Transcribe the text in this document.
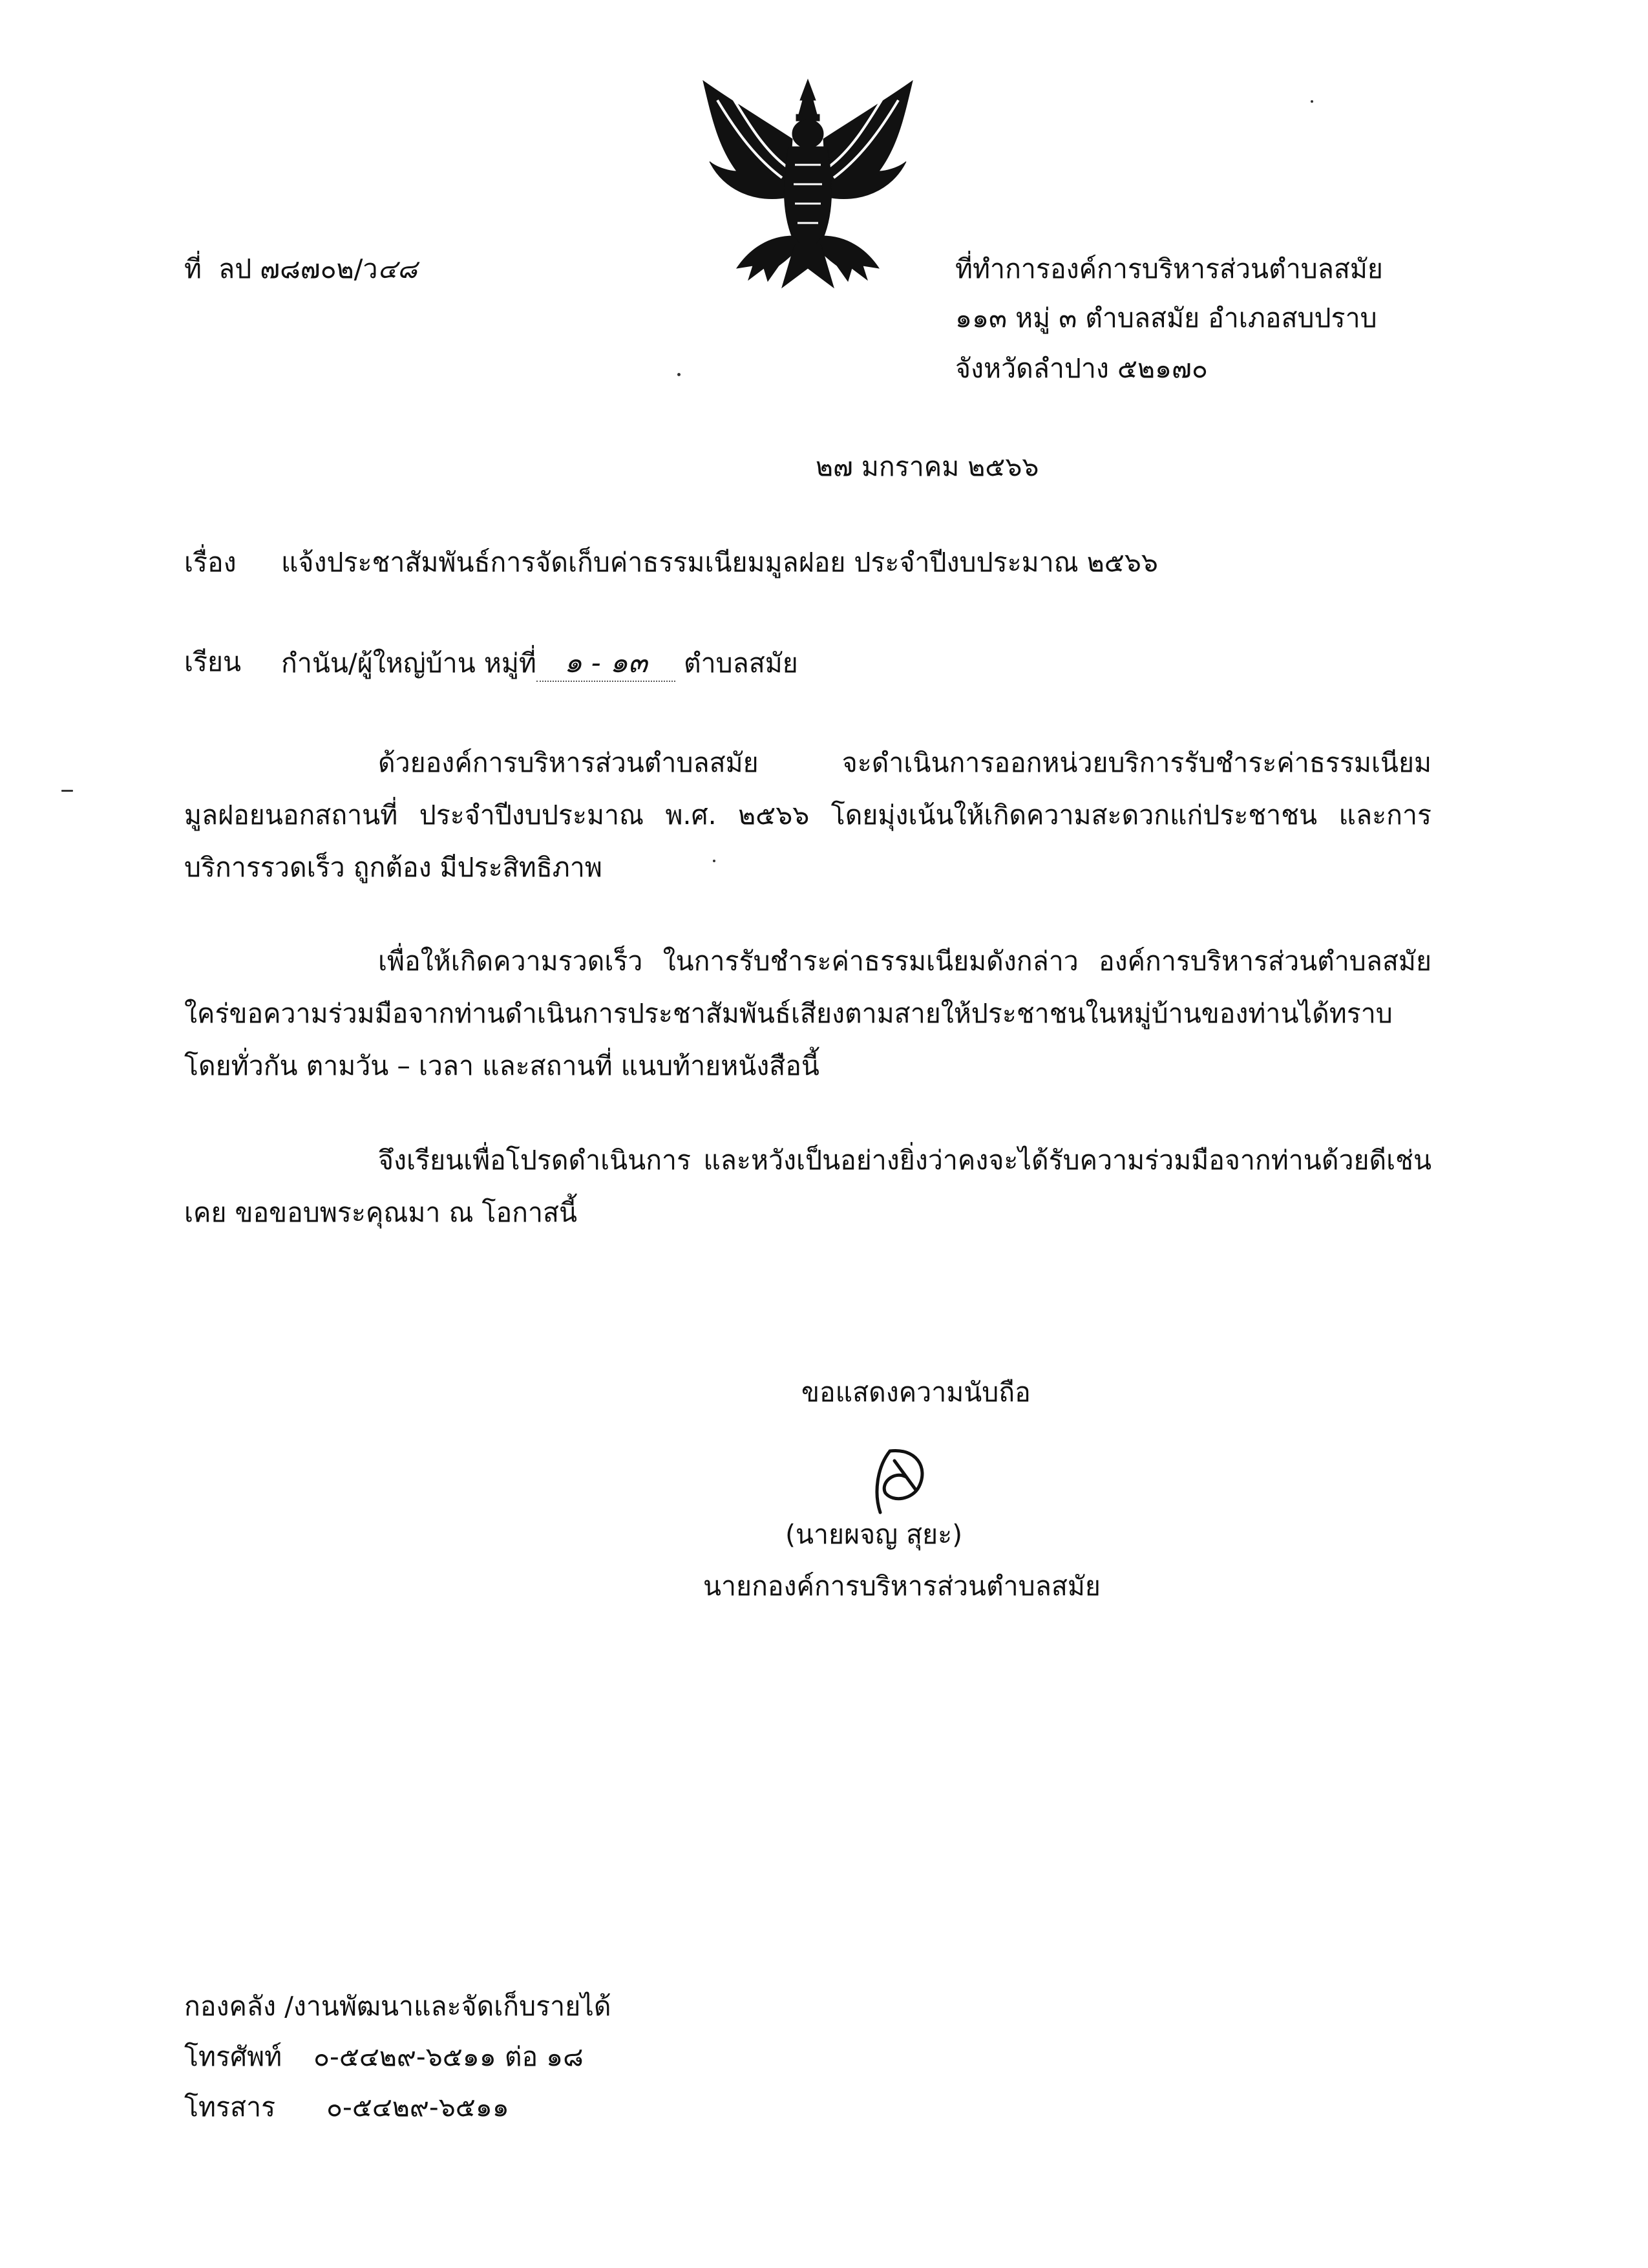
ที่ ลป ๗๘๗๐๒/ว๔๘	ที่ทำการองค์การบริหารส่วนตำบลสมัย
๑๑๓ หมู่ ๓ ตำบลสมัย อำเภอสบปราบ
จังหวัดลำปาง ๕๒๑๗๐
๒๗ มกราคม ๒๕๖๖
เรื่อง แจ้งประชาสัมพันธ์การจัดเก็บค่าธรรมเนียมมูลฝอย ประจำปีงบประมาณ ๒๕๖๖
เรียน กำนัน/ผู้ใหญ่บ้าน หมู่ที่ ๑ - ๑๓ ตำบลสมัย
ด้วยองค์การบริหารส่วนตำบลสมัย จะดำเนินการออกหน่วยบริการรับชำระค่าธรรมเนียมมูลฝอยนอกสถานที่ ประจำปีงบประมาณ พ.ศ. ๒๕๖๖ โดยมุ่งเน้นให้เกิดความสะดวกแก่ประชาชน และการบริการรวดเร็ว ถูกต้อง มีประสิทธิภาพ
เพื่อให้เกิดความรวดเร็ว ในการรับชำระค่าธรรมเนียมดังกล่าว องค์การบริหารส่วนตำบลสมัย ใคร่ขอความร่วมมือจากท่านดำเนินการประชาสัมพันธ์เสียงตามสายให้ประชาชนในหมู่บ้านของท่านได้ทราบโดยทั่วกัน ตามวัน – เวลา และสถานที่ แนบท้ายหนังสือนี้
จึงเรียนเพื่อโปรดดำเนินการ และหวังเป็นอย่างยิ่งว่าคงจะได้รับความร่วมมือจากท่านด้วยดีเช่นเคย ขอขอบพระคุณมา ณ โอกาสนี้
ขอแสดงความนับถือ
(นายผจญ สุยะ)
นายกองค์การบริหารส่วนตำบลสมัย
กองคลัง /งานพัฒนาและจัดเก็บรายได้
โทรศัพท์ ๐-๕๔๒๙-๖๕๑๑ ต่อ ๑๘
โทรสาร ๐-๕๔๒๙-๖๕๑๑
